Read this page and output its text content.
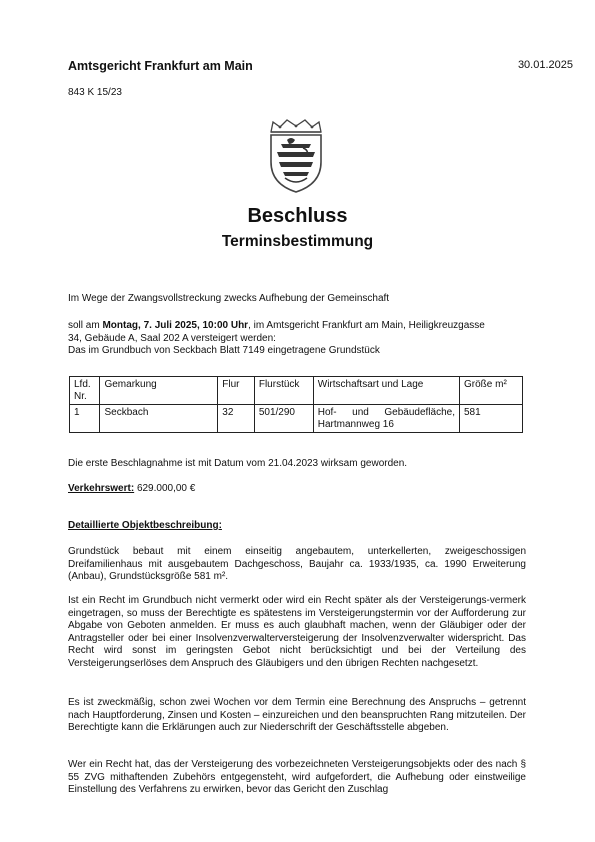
Amtsgericht Frankfurt am Main	30.01.2025
843 K 15/23
Beschluss
Terminsbestimmung
Im Wege der Zwangsvollstreckung zwecks Aufhebung der Gemeinschaft
soll am Montag, 7. Juli 2025, 10:00 Uhr, im Amtsgericht Frankfurt am Main, Heiligkreuzgasse
34, Gebäude A, Saal 202 A versteigert werden:
Das im Grundbuch von Seckbach Blatt 7149 eingetragene Grundstück
Lfd. Nr.	Gemarkung	Flur	Flurstück	Wirtschaftsart und Lage	Größe m²
1	Seckbach	32	501/290	Hof- und Gebäudefläche, Hartmannweg 16	581
Die erste Beschlagnahme ist mit Datum vom 21.04.2023 wirksam geworden.
Verkehrswert: 629.000,00 €
Detaillierte Objektbeschreibung:
Grundstück bebaut mit einem einseitig angebautem, unterkellerten, zweigeschossigen Dreifamilienhaus mit ausgebautem Dachgeschoss, Baujahr ca. 1933/1935, ca. 1990 Erweiterung (Anbau), Grundstücksgröße 581 m².
Ist ein Recht im Grundbuch nicht vermerkt oder wird ein Recht später als der Versteigerungs-vermerk eingetragen, so muss der Berechtigte es spätestens im Versteigerungstermin vor der Aufforderung zur Abgabe von Geboten anmelden. Er muss es auch glaubhaft machen, wenn der Gläubiger oder der Antragsteller oder bei einer Insolvenzverwalterversteigerung der Insolvenzverwalter widerspricht. Das Recht wird sonst im geringsten Gebot nicht berücksichtigt und bei der Verteilung des Versteigerungserlöses dem Anspruch des Gläubigers und den übrigen Rechten nachgesetzt.
Es ist zweckmäßig, schon zwei Wochen vor dem Termin eine Berechnung des Anspruchs – getrennt nach Hauptforderung, Zinsen und Kosten – einzureichen und den beanspruchten Rang mitzuteilen. Der Berechtigte kann die Erklärungen auch zur Niederschrift der Geschäftsstelle abgeben.
Wer ein Recht hat, das der Versteigerung des vorbezeichneten Versteigerungsobjekts oder des nach § 55 ZVG mithaftenden Zubehörs entgegensteht, wird aufgefordert, die Aufhebung oder einstweilige Einstellung des Verfahrens zu erwirken, bevor das Gericht den Zuschlag
